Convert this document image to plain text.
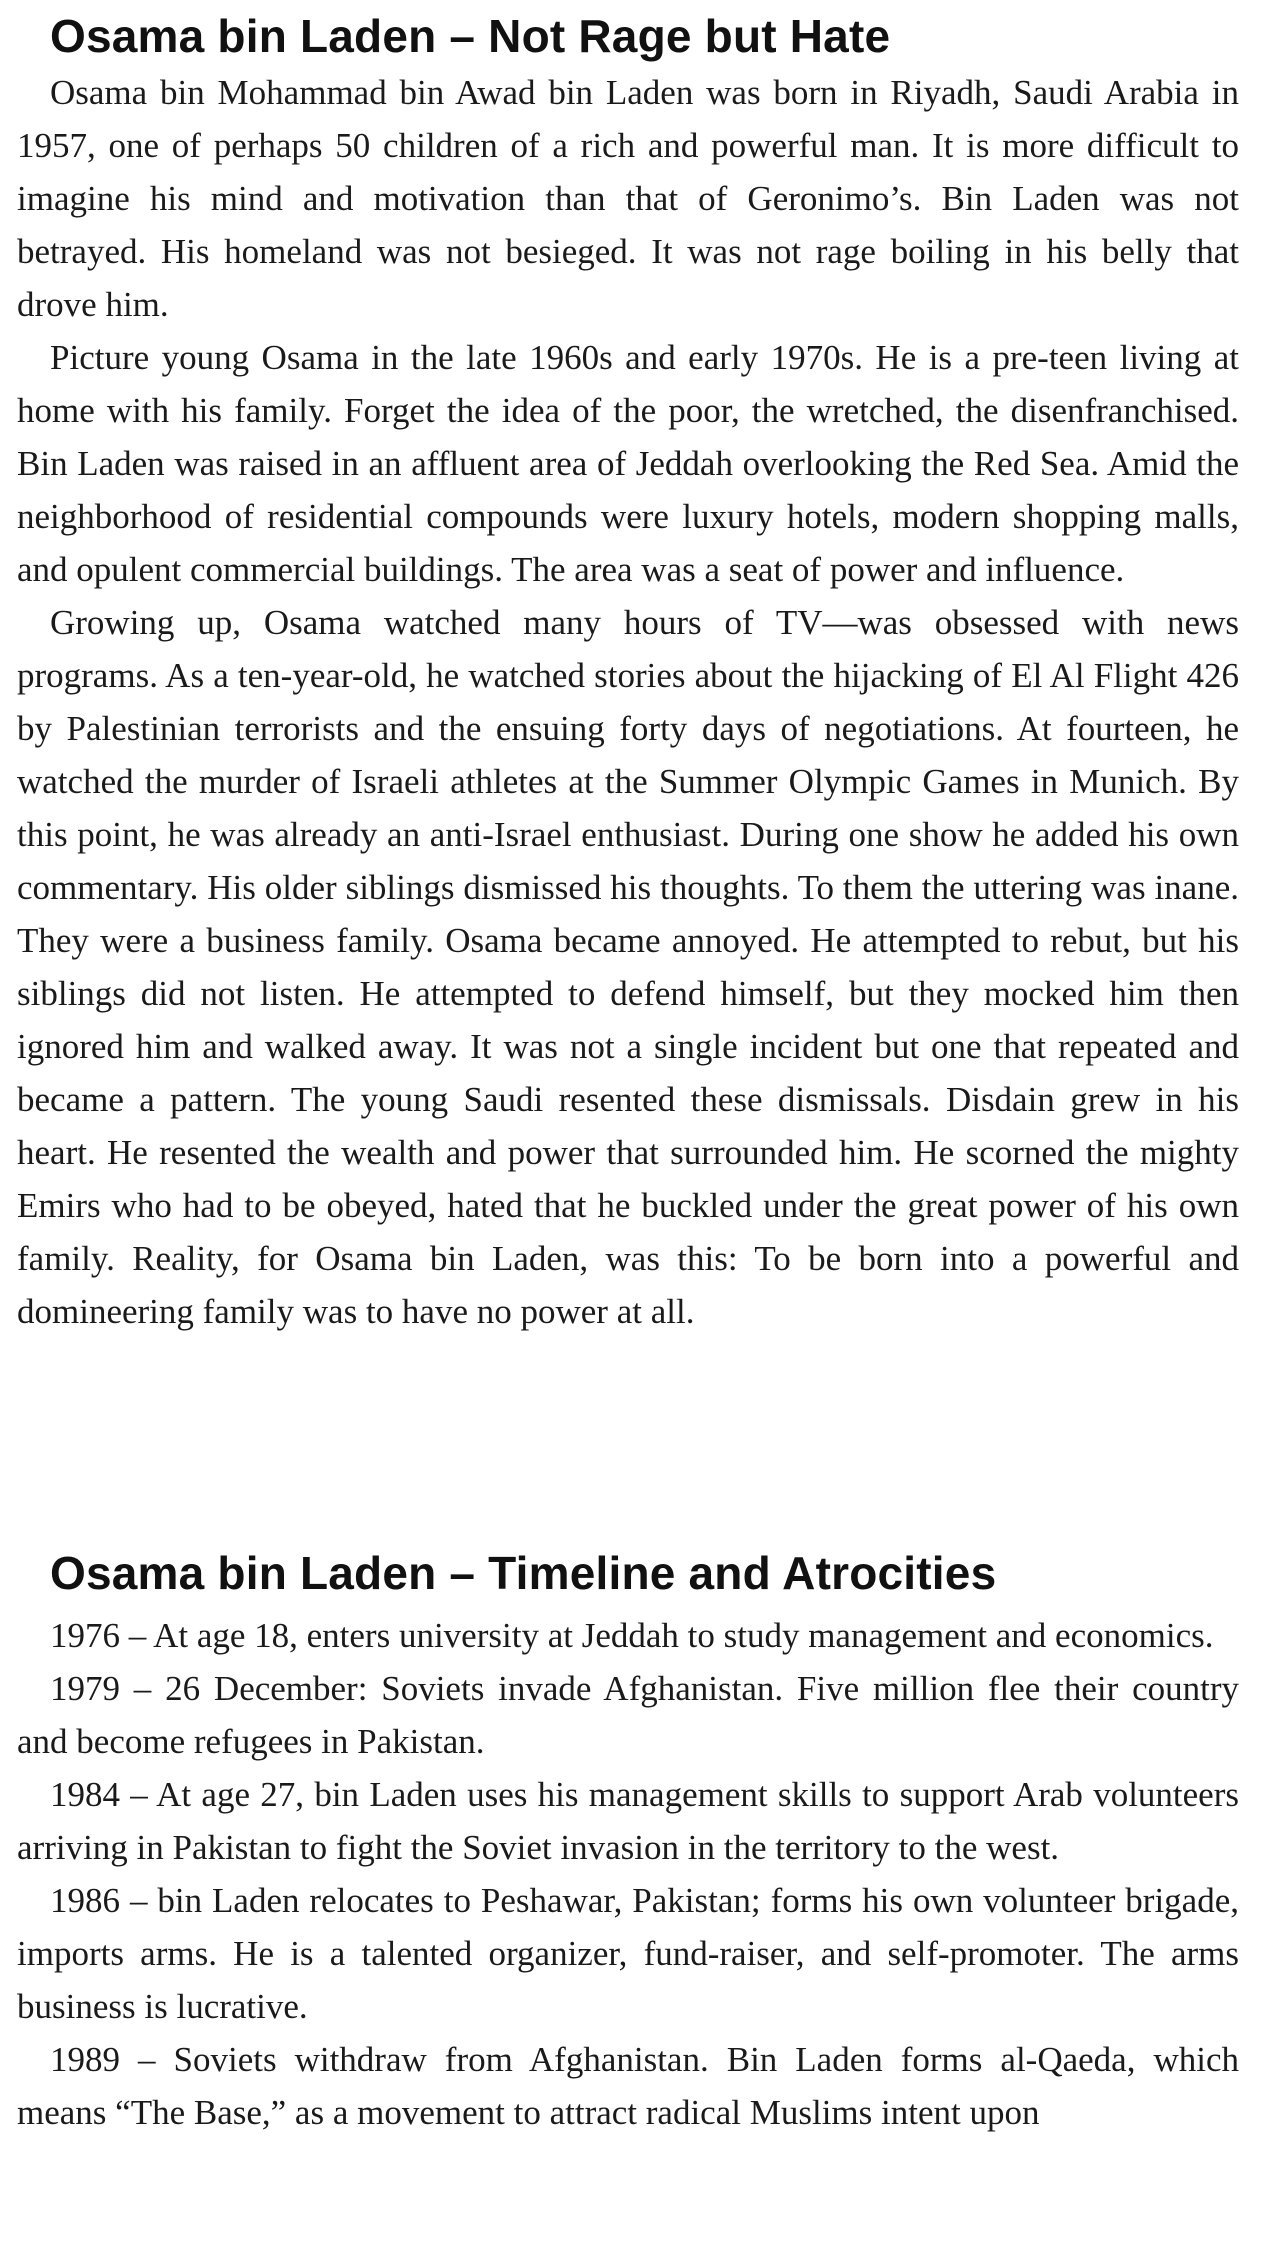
Osama bin Laden – Not Rage but Hate

Osama bin Mohammad bin Awad bin Laden was born in Riyadh, Saudi Arabia in 1957, one of perhaps 50 children of a rich and powerful man. It is more difficult to imagine his mind and motivation than that of Geronimo’s. Bin Laden was not betrayed. His homeland was not besieged. It was not rage boiling in his belly that drove him.

Picture young Osama in the late 1960s and early 1970s. He is a pre-teen living at home with his family. Forget the idea of the poor, the wretched, the disenfranchised. Bin Laden was raised in an affluent area of Jeddah overlooking the Red Sea. Amid the neighborhood of residential compounds were luxury hotels, modern shopping malls, and opulent commercial buildings. The area was a seat of power and influence.

Growing up, Osama watched many hours of TV—was obsessed with news programs. As a ten-year-old, he watched stories about the hijacking of El Al Flight 426 by Palestinian terrorists and the ensuing forty days of negotiations. At fourteen, he watched the murder of Israeli athletes at the Summer Olympic Games in Munich. By this point, he was already an anti-Israel enthusiast. During one show he added his own commentary. His older siblings dismissed his thoughts. To them the uttering was inane. They were a business family. Osama became annoyed. He attempted to rebut, but his siblings did not listen. He attempted to defend himself, but they mocked him then ignored him and walked away. It was not a single incident but one that repeated and became a pattern. The young Saudi resented these dismissals. Disdain grew in his heart. He resented the wealth and power that surrounded him. He scorned the mighty Emirs who had to be obeyed, hated that he buckled under the great power of his own family. Reality, for Osama bin Laden, was this: To be born into a powerful and domineering family was to have no power at all.

Osama bin Laden – Timeline and Atrocities

1976 – At age 18, enters university at Jeddah to study management and economics.

1979 – 26 December: Soviets invade Afghanistan. Five million flee their country and become refugees in Pakistan.

1984 – At age 27, bin Laden uses his management skills to support Arab volunteers arriving in Pakistan to fight the Soviet invasion in the territory to the west.

1986 – bin Laden relocates to Peshawar, Pakistan; forms his own volunteer brigade, imports arms. He is a talented organizer, fund-raiser, and self-promoter. The arms business is lucrative.

1989 – Soviets withdraw from Afghanistan. Bin Laden forms al-Qaeda, which means “The Base,” as a movement to attract radical Muslims intent upon
